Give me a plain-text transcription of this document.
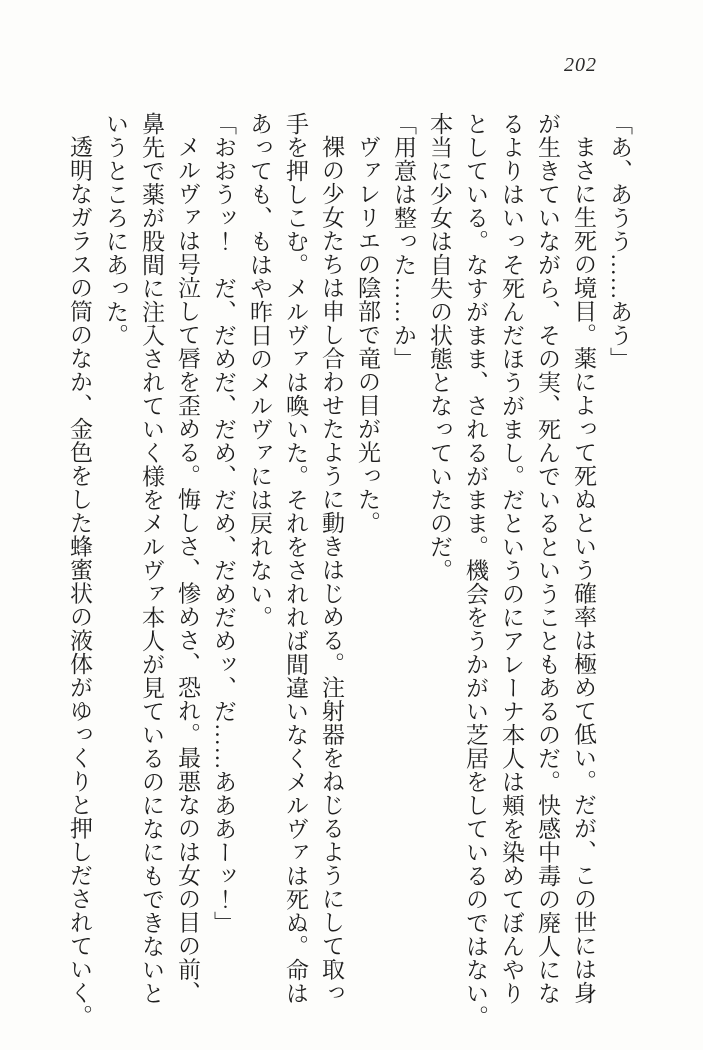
202
「あ、あうう……あう」
まさに生死の境目。薬によって死ぬという確率は極めて低い。だが、この世には身
が生きていながら、その実、死んでいるということもあるのだ。快感中毒の廃人にな
るよりはいっそ死んだほうがまし。だというのにアレーナ本人は頬を染めてぼんやり
としている。なすがまま、されるがまま。機会をうかがい芝居をしているのではない。
本当に少女は自失の状態となっていたのだ。
「用意は整った……か」
ヴァレリエの陰部で竜の目が光った。
裸の少女たちは申し合わせたように動きはじめる。注射器をねじるようにして取っ
手を押しこむ。メルヴァは喚いた。それをされれば間違いなくメルヴァは死ぬ。命は
あっても、もはや昨日のメルヴァには戻れない。
「おおうッ！　だ、だめだ、だめ、だめ、だめだめッ、だ……あああーッ！」
メルヴァは号泣して唇を歪める。悔しさ、惨めさ、恐れ。最悪なのは女の目の前、
鼻先で薬が股間に注入されていく様をメルヴァ本人が見ているのになにもできないと
いうところにあった。
透明なガラスの筒のなか、金色をした蜂蜜状の液体がゆっくりと押しだされていく。
